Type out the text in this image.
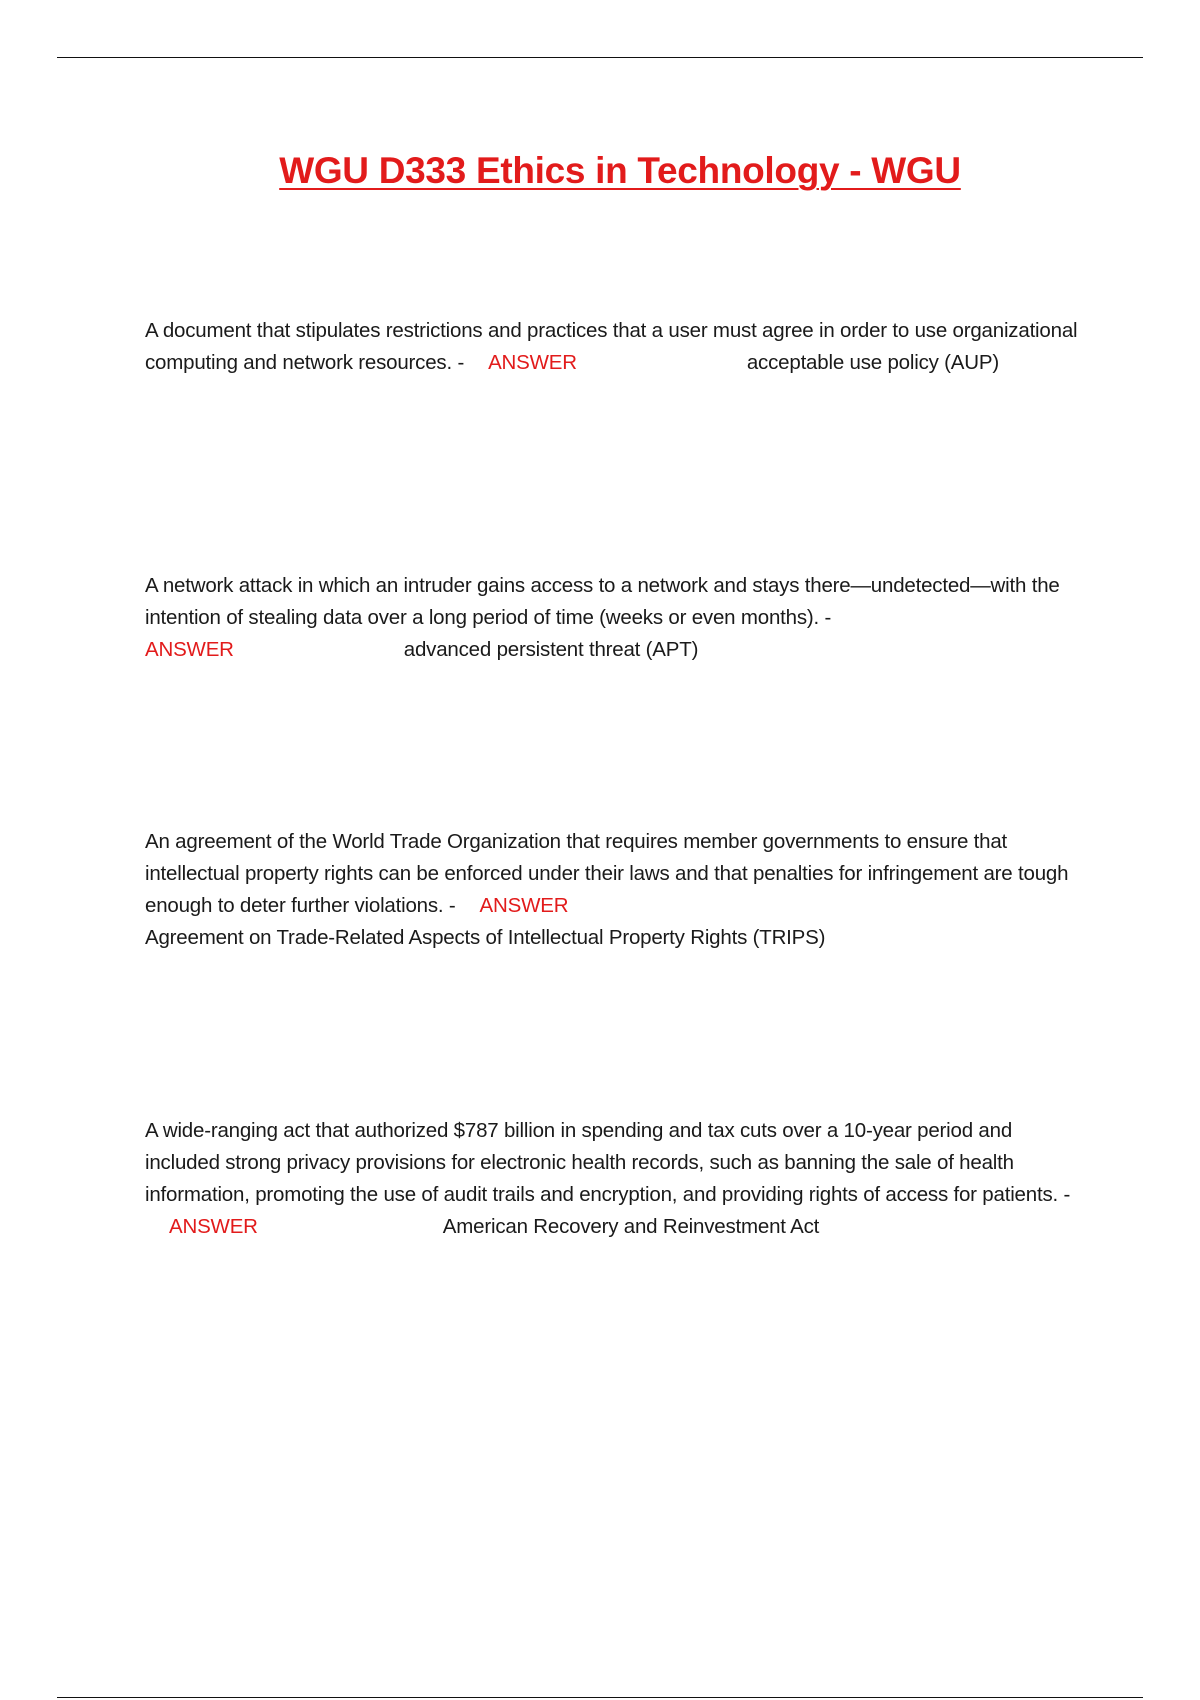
WGU D333 Ethics in Technology - WGU
A document that stipulates restrictions and practices that a user must agree in order to use organizational computing and network resources. - ANSWER	acceptable use policy (AUP)
A network attack in which an intruder gains access to a network and stays there—undetected—with the intention of stealing data over a long period of time (weeks or even months). -
ANSWER	advanced persistent threat (APT)
An agreement of the World Trade Organization that requires member governments to ensure that intellectual property rights can be enforced under their laws and that penalties for infringement are tough enough to deter further violations. - ANSWER
Agreement on Trade-Related Aspects of Intellectual Property Rights (TRIPS)
A wide-ranging act that authorized $787 billion in spending and tax cuts over a 10-year period and included strong privacy provisions for electronic health records, such as banning the sale of health information, promoting the use of audit trails and encryption, and providing rights of access for patients. -ANSWER	American Recovery and Reinvestment Act
